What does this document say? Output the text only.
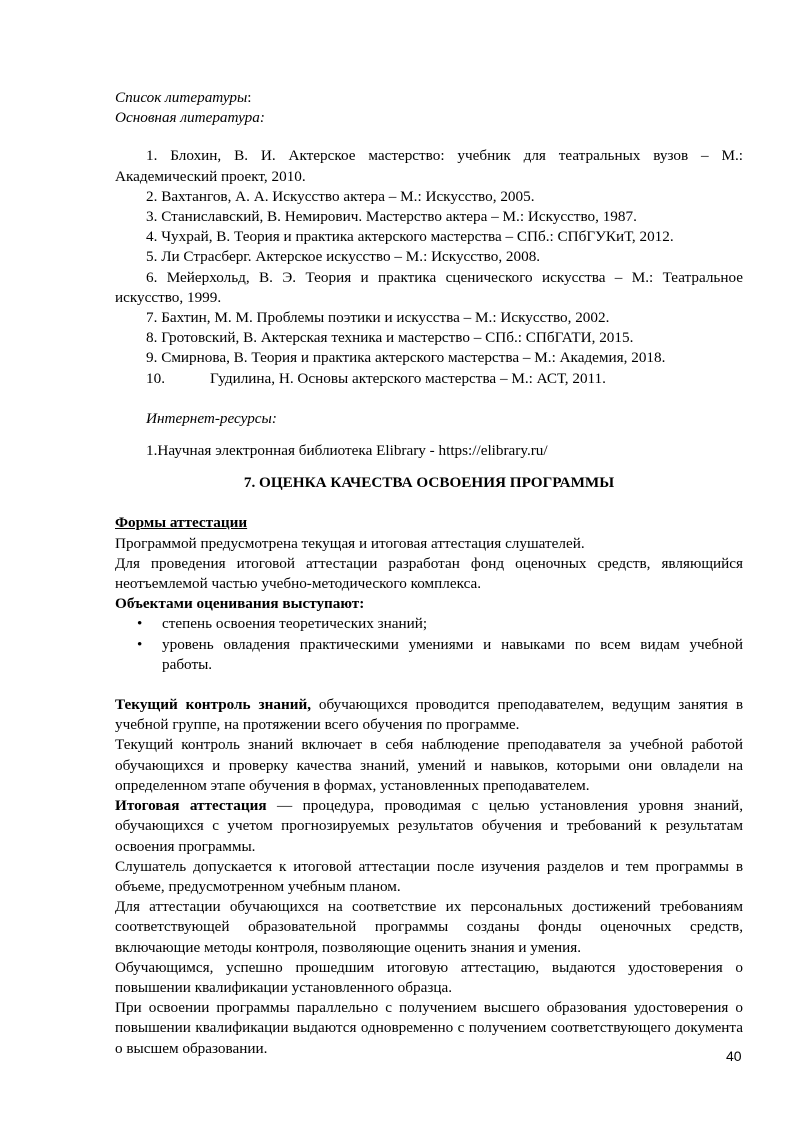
Список литературы:

Основная литература:

1. Блохин, В. И. Актерское мастерство: учебник для театральных вузов – М.: Академический проект, 2010.

2. Вахтангов, А. А. Искусство актера – М.: Искусство, 2005.

3. Станиславский, В. Немирович. Мастерство актера – М.: Искусство, 1987.

4. Чухрай, В. Теория и практика актерского мастерства – СПб.: СПбГУКиТ, 2012.

5. Ли Страсберг. Актерское искусство – М.: Искусство, 2008.

6. Мейерхольд, В. Э. Теория и практика сценического искусства – М.: Театральное искусство, 1999.

7. Бахтин, М. М. Проблемы поэтики и искусства – М.: Искусство, 2002.

8. Гротовский, В. Актерская техника и мастерство – СПб.: СПбГАТИ, 2015.

9. Смирнова, В. Теория и практика актерского мастерства – М.: Академия, 2018.

10.	Гудилина, Н. Основы актерского мастерства – М.: АСТ, 2011.

Интернет-ресурсы:

1.Научная электронная библиотека Elibrary - https://elibrary.ru/

7. ОЦЕНКА КАЧЕСТВА ОСВОЕНИЯ ПРОГРАММЫ

Формы аттестации

Программой предусмотрена текущая и итоговая аттестация слушателей.

Для проведения итоговой аттестации разработан фонд оценочных средств, являющийся неотъемлемой частью учебно-методического комплекса.

Объектами оценивания выступают:

• степень освоения теоретических знаний;
• уровень овладения практическими умениями и навыками по всем видам учебной работы.

Текущий контроль знаний, обучающихся проводится преподавателем, ведущим занятия в учебной группе, на протяжении всего обучения по программе.

Текущий контроль знаний включает в себя наблюдение преподавателя за учебной работой обучающихся и проверку качества знаний, умений и навыков, которыми они овладели на определенном этапе обучения в формах, установленных преподавателем.

Итоговая аттестация — процедура, проводимая с целью установления уровня знаний, обучающихся с учетом прогнозируемых результатов обучения и требований к результатам освоения программы.

Слушатель допускается к итоговой аттестации после изучения разделов и тем программы в объеме, предусмотренном учебным планом.

Для аттестации обучающихся на соответствие их персональных достижений требованиям соответствующей образовательной программы созданы фонды оценочных средств, включающие методы контроля, позволяющие оценить знания и умения.

Обучающимся, успешно прошедшим итоговую аттестацию, выдаются удостоверения о повышении квалификации установленного образца.

При освоении программы параллельно с получением высшего образования удостоверения о повышении квалификации выдаются одновременно с получением соответствующего документа о высшем образовании.	40
